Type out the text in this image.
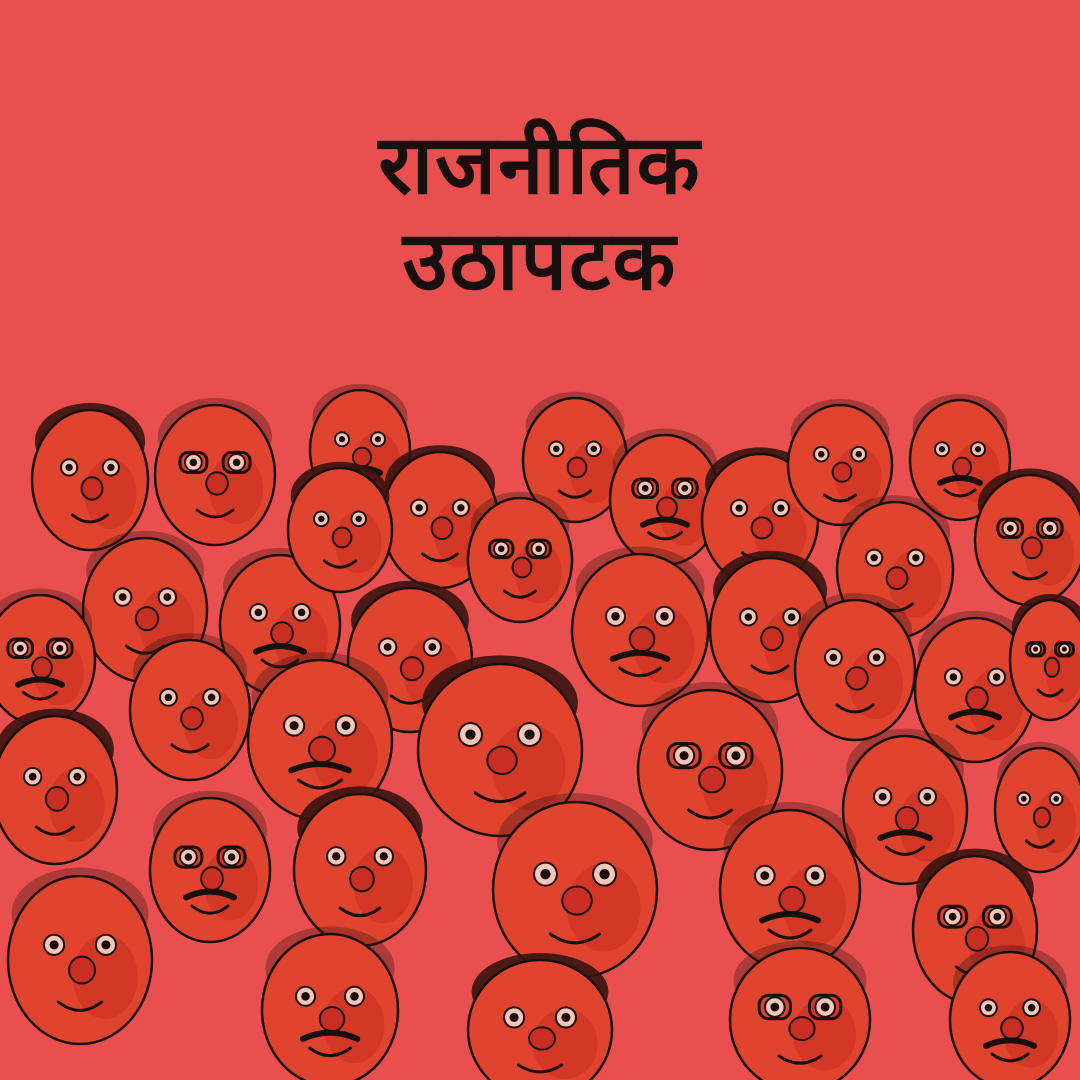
राजनीतिक
उठापटक
